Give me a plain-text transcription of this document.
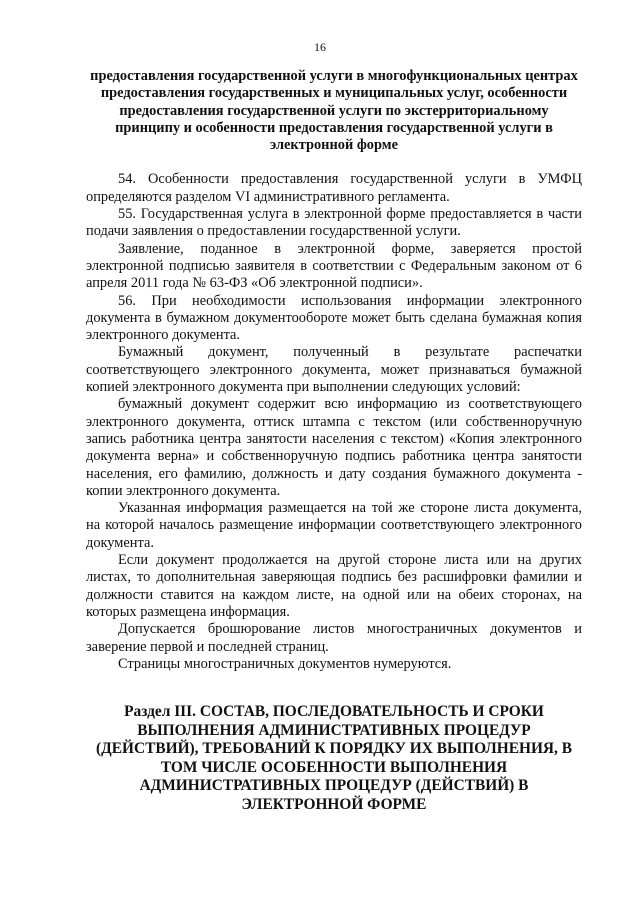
16

предоставления государственной услуги в многофункциональных центрах предоставления государственных и муниципальных услуг, особенности предоставления государственной услуги по экстерриториальному принципу и особенности предоставления государственной услуги в электронной форме

54. Особенности предоставления государственной услуги в УМФЦ определяются разделом VI административного регламента.

55. Государственная услуга в электронной форме предоставляется в части подачи заявления о предоставлении государственной услуги.

Заявление, поданное в электронной форме, заверяется простой электронной подписью заявителя в соответствии с Федеральным законом от 6 апреля 2011 года № 63-ФЗ «Об электронной подписи».

56. При необходимости использования информации электронного документа в бумажном документообороте может быть сделана бумажная копия электронного документа.

Бумажный документ, полученный в результате распечатки соответствующего электронного документа, может признаваться бумажной копией электронного документа при выполнении следующих условий:

бумажный документ содержит всю информацию из соответствующего электронного документа, оттиск штампа с текстом (или собственноручную запись работника центра занятости населения с текстом) «Копия электронного документа верна» и собственноручную подпись работника центра занятости населения, его фамилию, должность и дату создания бумажного документа - копии электронного документа.

Указанная информация размещается на той же стороне листа документа, на которой началось размещение информации соответствующего электронного документа.

Если документ продолжается на другой стороне листа или на других листах, то дополнительная заверяющая подпись без расшифровки фамилии и должности ставится на каждом листе, на одной или на обеих сторонах, на которых размещена информация.

Допускается брошюрование листов многостраничных документов и заверение первой и последней страниц.

Страницы многостраничных документов нумеруются.

Раздел III. СОСТАВ, ПОСЛЕДОВАТЕЛЬНОСТЬ И СРОКИ ВЫПОЛНЕНИЯ АДМИНИСТРАТИВНЫХ ПРОЦЕДУР (ДЕЙСТВИЙ), ТРЕБОВАНИЙ К ПОРЯДКУ ИХ ВЫПОЛНЕНИЯ, В ТОМ ЧИСЛЕ ОСОБЕННОСТИ ВЫПОЛНЕНИЯ АДМИНИСТРАТИВНЫХ ПРОЦЕДУР (ДЕЙСТВИЙ) В ЭЛЕКТРОННОЙ ФОРМЕ
